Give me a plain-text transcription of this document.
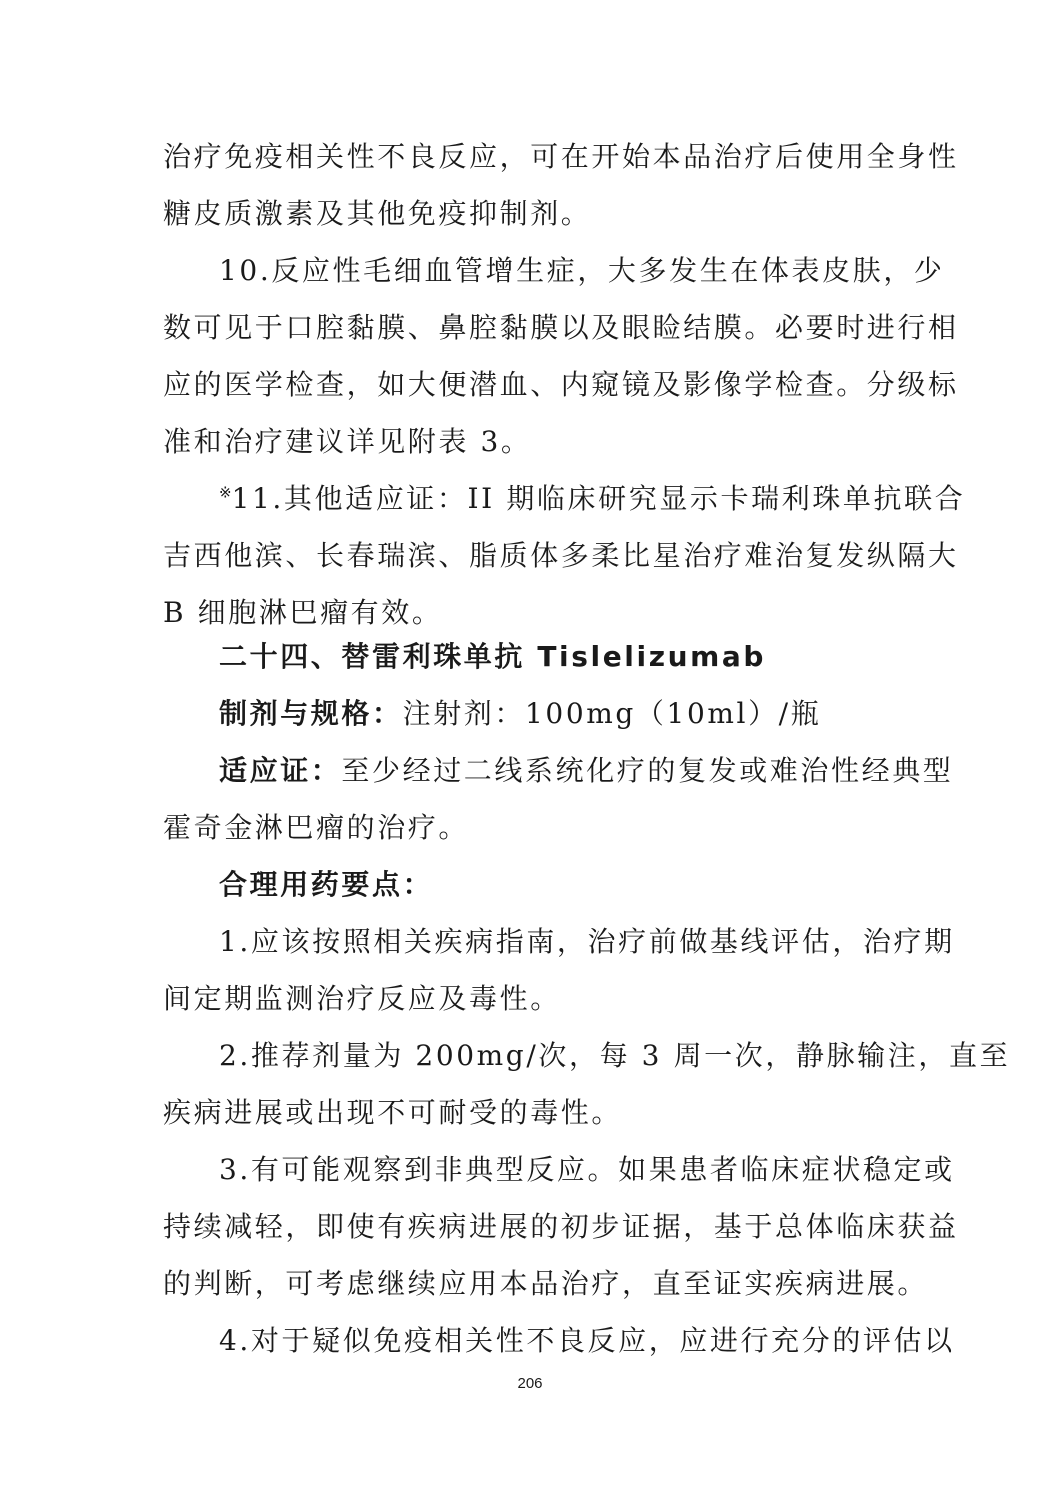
治疗免疫相关性不良反应，可在开始本品治疗后使用全身性
糖皮质激素及其他免疫抑制剂。
10.反应性毛细血管增生症，大多发生在体表皮肤，少
数可见于口腔黏膜、鼻腔黏膜以及眼睑结膜。必要时进行相
应的医学检查，如大便潜血、内窥镜及影像学检查。分级标
准和治疗建议详见附表 3。
※11.其他适应证：II 期临床研究显示卡瑞利珠单抗联合
吉西他滨、长春瑞滨、脂质体多柔比星治疗难治复发纵隔大
B 细胞淋巴瘤有效。
二十四、替雷利珠单抗 Tislelizumab
制剂与规格：注射剂：100mg（10ml）/瓶
适应证：至少经过二线系统化疗的复发或难治性经典型
霍奇金淋巴瘤的治疗。
合理用药要点：
1.应该按照相关疾病指南，治疗前做基线评估，治疗期
间定期监测治疗反应及毒性。
2.推荐剂量为 200mg/次，每 3 周一次，静脉输注，直至
疾病进展或出现不可耐受的毒性。
3.有可能观察到非典型反应。如果患者临床症状稳定或
持续减轻，即使有疾病进展的初步证据，基于总体临床获益
的判断，可考虑继续应用本品治疗，直至证实疾病进展。
4.对于疑似免疫相关性不良反应，应进行充分的评估以
206
